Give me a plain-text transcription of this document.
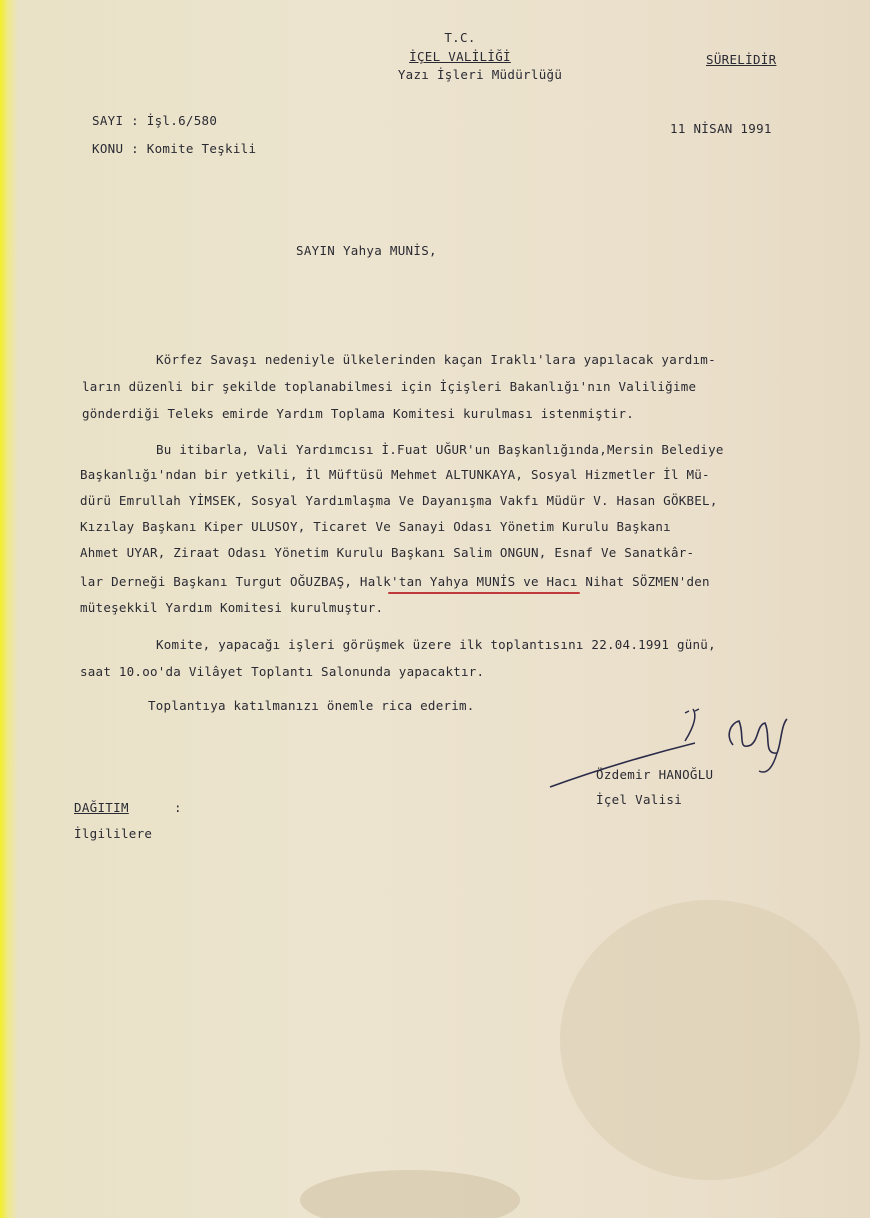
T.C.
İÇEL VALİLİĞİ
Yazı İşleri Müdürlüğü
SÜRELİDİR
SAYI : İşl.6/580
KONU : Komite Teşkili
11 NİSAN 1991
SAYIN Yahya MUNİS,
Körfez Savaşı nedeniyle ülkelerinden kaçan Iraklı'lara yapılacak yardım-
ların düzenli bir şekilde toplanabilmesi için İçişleri Bakanlığı'nın Valiliğime
gönderdiği Teleks emirde Yardım Toplama Komitesi kurulması istenmiştir.
Bu itibarla, Vali Yardımcısı İ.Fuat UĞUR'un Başkanlığında,Mersin Belediye
Başkanlığı'ndan bir yetkili, İl Müftüsü Mehmet ALTUNKAYA, Sosyal Hizmetler İl Mü-
dürü Emrullah YİMSEK, Sosyal Yardımlaşma Ve Dayanışma Vakfı Müdür V. Hasan GÖKBEL,
Kızılay Başkanı Kiper ULUSOY, Ticaret Ve Sanayi Odası Yönetim Kurulu Başkanı
Ahmet UYAR, Ziraat Odası Yönetim Kurulu Başkanı Salim ONGUN, Esnaf Ve Sanatkâr-
lar Derneği Başkanı Turgut OĞUZBAŞ, Halk'tan Yahya MUNİS ve Hacı Nihat SÖZMEN'den
müteşekkil Yardım Komitesi kurulmuştur.
Komite, yapacağı işleri görüşmek üzere ilk toplantısını 22.04.1991 günü,
saat 10.oo'da Vilâyet Toplantı Salonunda yapacaktır.
Toplantıya katılmanızı önemle rica ederim.
Özdemir HANOĞLU
İçel Valisi
DAĞITIM	:
İlgililere
